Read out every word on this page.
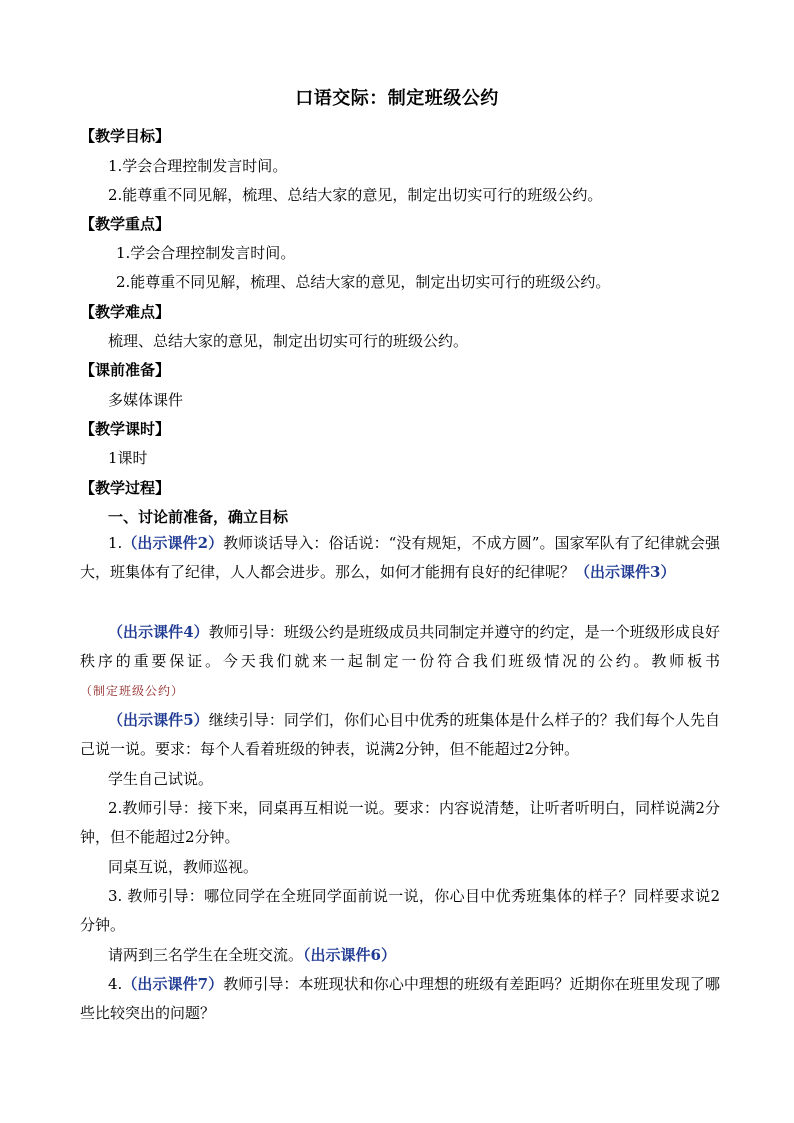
口语交际：制定班级公约
【教学目标】
1.学会合理控制发言时间。
2.能尊重不同见解，梳理、总结大家的意见，制定出切实可行的班级公约。
【教学重点】
1.学会合理控制发言时间。
2.能尊重不同见解，梳理、总结大家的意见，制定出切实可行的班级公约。
【教学难点】
梳理、总结大家的意见，制定出切实可行的班级公约。
【课前准备】
多媒体课件
【教学课时】
1课时
【教学过程】
一、讨论前准备，确立目标
1.（出示课件2）教师谈话导入：俗话说：“没有规矩，不成方圆”。国家军队有了纪律就会强大，班集体有了纪律，人人都会进步。那么，如何才能拥有良好的纪律呢？（出示课件3）
（出示课件4）教师引导：班级公约是班级成员共同制定并遵守的约定，是一个班级形成良好秩序的重要保证。今天我们就来一起制定一份符合我们班级情况的公约。教师板书（制定班级公约）
（出示课件5）继续引导：同学们，你们心目中优秀的班集体是什么样子的？我们每个人先自己说一说。要求：每个人看着班级的钟表，说满2分钟，但不能超过2分钟。
学生自己试说。
2.教师引导：接下来，同桌再互相说一说。要求：内容说清楚，让听者听明白，同样说满2分钟，但不能超过2分钟。
同桌互说，教师巡视。
3. 教师引导：哪位同学在全班同学面前说一说，你心目中优秀班集体的样子？同样要求说2分钟。
请两到三名学生在全班交流。（出示课件6）
4.（出示课件7）教师引导：本班现状和你心中理想的班级有差距吗？近期你在班里发现了哪些比较突出的问题？
